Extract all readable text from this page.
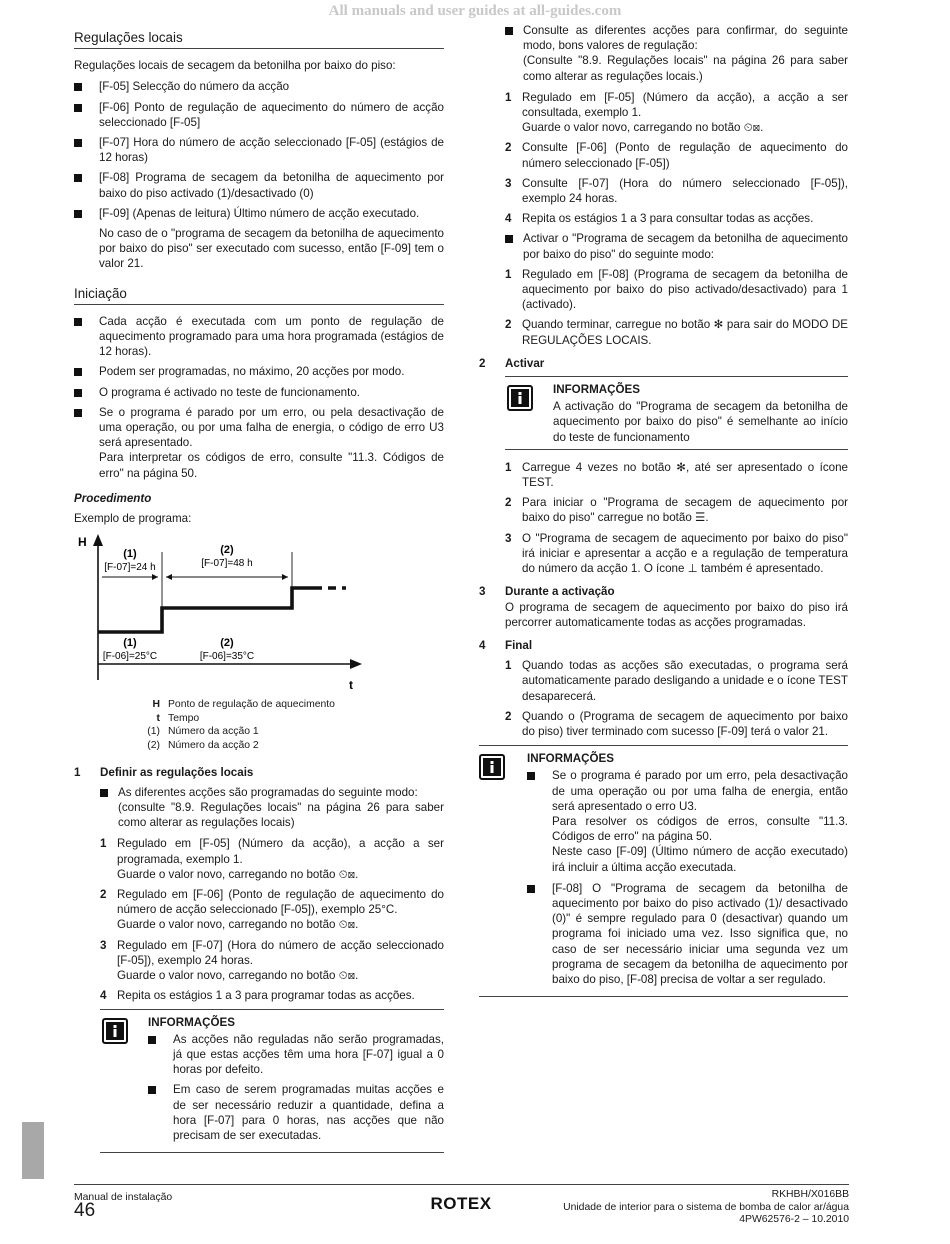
All manuals and user guides at all-guides.com
Regulações locais

Regulações locais de secagem da betonilha por baixo do piso:

[F-05] Selecção do número da acção

[F-06] Ponto de regulação de aquecimento do número de acção seleccionado [F-05]

[F-07] Hora do número de acção seleccionado [F-05] (estágios de 12 horas)

[F-08] Programa de secagem da betonilha de aquecimento por baixo do piso activado (1)/desactivado (0)

[F-09] (Apenas de leitura) Último número de acção executado.

No caso de o "programa de secagem da betonilha de aquecimento por baixo do piso" ser executado com sucesso, então [F-09] tem o valor 21.

Iniciação

Cada acção é executada com um ponto de regulação de aquecimento programado para uma hora programada (estágios de 12 horas).

Podem ser programadas, no máximo, 20 acções por modo.

O programa é activado no teste de funcionamento.

Se o programa é parado por um erro, ou pela desactivação de uma operação, ou por uma falha de energia, o código de erro U3 será apresentado.

Para interpretar os códigos de erro, consulte "11.3. Códigos de erro" na página 50.

Procedimento

Exemplo de programa:

H
t
(1)
[F-07]=24 h
(2)
[F-07]=48 h
(1)
[F-06]=25°C
(2)
[F-06]=35°C
H Ponto de regulação de aquecimento
t Tempo
(1) Número da acção 1
(2) Número da acção 2
1 Definir as regulações locais

As diferentes acções são programadas do seguinte modo:

(consulte "8.9. Regulações locais" na página 26 para saber como alterar as regulações locais)

1 Regulado em [F-05] (Número da acção), a acção a ser programada, exemplo 1.
Guarde o valor novo, carregando no botão ⏲⊠.
2 Regulado em [F-06] (Ponto de regulação de aquecimento do número de acção seleccionado [F-05]), exemplo 25°C.
Guarde o valor novo, carregando no botão ⏲⊠.
3 Regulado em [F-07] (Hora do número de acção seleccionado [F-05]), exemplo 24 horas.
Guarde o valor novo, carregando no botão ⏲⊠.
4 Repita os estágios 1 a 3 para programar todas as acções.
INFORMAÇÕES

As acções não reguladas não serão programadas, já que estas acções têm uma hora [F-07] igual a 0 horas por defeito.

Em caso de serem programadas muitas acções e de ser necessário reduzir a quantidade, defina a hora [F-07] para 0 horas, nas acções que não precisam de ser executadas.

Consulte as diferentes acções para confirmar, do seguinte modo, bons valores de regulação:

(Consulte "8.9. Regulações locais" na página 26 para saber como alterar as regulações locais.)

1 Regulado em [F-05] (Número da acção), a acção a ser consultada, exemplo 1.
Guarde o valor novo, carregando no botão ⏲⊠.
2 Consulte [F-06] (Ponto de regulação de aquecimento do número seleccionado [F-05])
3 Consulte [F-07] (Hora do número seleccionado [F-05]), exemplo 24 horas.
4 Repita os estágios 1 a 3 para consultar todas as acções.

Activar o "Programa de secagem da betonilha de aquecimento por baixo do piso" do seguinte modo:

1 Regulado em [F-08] (Programa de secagem da betonilha de aquecimento por baixo do piso activado/desactivado) para 1 (activado).
2 Quando terminar, carregue no botão ✻ para sair do MODO DE REGULAÇÕES LOCAIS.
2 Activar
INFORMAÇÕES
A activação do "Programa de secagem da betonilha de aquecimento por baixo do piso" é semelhante ao início do teste de funcionamento
1 Carregue 4 vezes no botão ✻, até ser apresentado o ícone TEST.
2 Para iniciar o "Programa de secagem de aquecimento por baixo do piso" carregue no botão ☰.
3 O "Programa de secagem de aquecimento por baixo do piso" irá iniciar e apresentar a acção e a regulação de temperatura do número da acção 1. O ícone ⊥ também é apresentado.
3 Durante a activação

O programa de secagem de aquecimento por baixo do piso irá percorrer automaticamente todas as acções programadas.

4 Final
1 Quando todas as acções são executadas, o programa será automaticamente parado desligando a unidade e o ícone TEST desaparecerá.
2 Quando o (Programa de secagem de aquecimento por baixo do piso) tiver terminado com sucesso [F-09] terá o valor 21.
INFORMAÇÕES

Se o programa é parado por um erro, pela desactivação de uma operação ou por uma falha de energia, então será apresentado o erro U3.

Para resolver os códigos de erros, consulte "11.3. Códigos de erro" na página 50.

Neste caso [F-09] (Último número de acção executado) irá incluir a última acção executada.

[F-08] O "Programa de secagem da betonilha de aquecimento por baixo do piso activado (1)/ desactivado (0)" é sempre regulado para 0 (desactivar) quando um programa foi iniciado uma vez. Isso significa que, no caso de ser necessário iniciar uma segunda vez um programa de secagem da betonilha de aquecimento por baixo do piso, [F-08] precisa de voltar a ser regulado.

Manual de instalação
46	ROTEX	RKHBH/X016BB
Unidade de interior para o sistema de bomba de calor ar/água
4PW62576-2 – 10.2010
